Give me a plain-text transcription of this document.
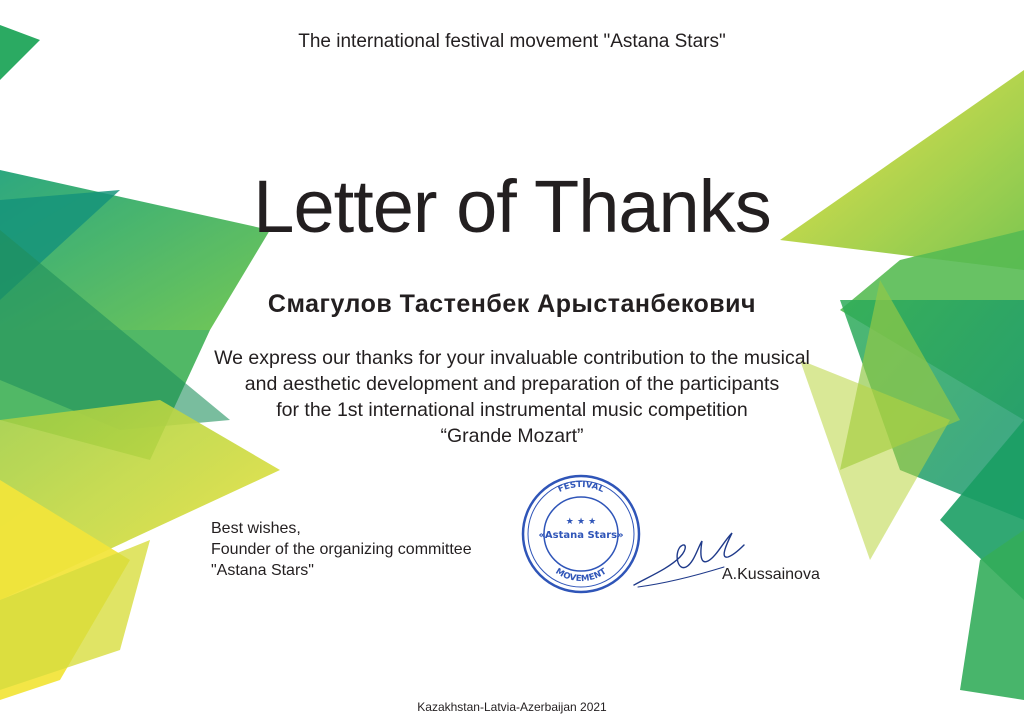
The international festival movement "Astana Stars"
Letter of Thanks
Смагулов Тастенбек Арыстанбекович
We express our thanks for your invaluable contribution to the musical
and aesthetic development and preparation of the participants
for the 1st international instrumental music competition
“Grande Mozart”
Best wishes,
Founder of the organizing committee
"Astana Stars"
FESTIVAL
MOVEMENT
«Astana Stars»
★ ★ ★
A.Kussainova
Kazakhstan-Latvia-Azerbaijan 2021
